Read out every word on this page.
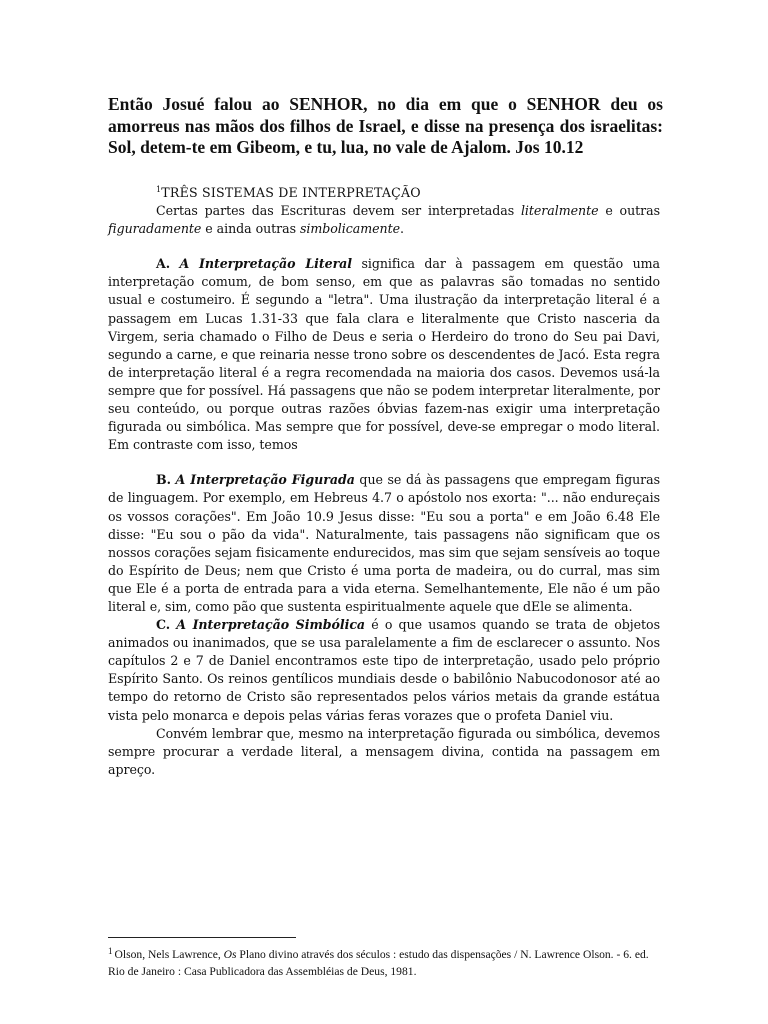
Então Josué falou ao SENHOR, no dia em que o SENHOR deu os amorreus nas mãos dos filhos de Israel, e disse na presença dos israelitas: Sol, detem-te em Gibeom, e tu, lua, no vale de Ajalom. Jos 10.12

$^1$TRÊS SISTEMAS DE INTERPRETAÇÃO

Certas partes das Escrituras devem ser interpretadas literalmente e outras figuradamente e ainda outras simbolicamente.

A. A Interpretação Literal significa dar à passagem em questão uma interpretação comum, de bom senso, em que as palavras são tomadas no sentido usual e costumeiro. É segundo a "letra". Uma ilustração da interpretação literal é a passagem em Lucas 1.31-33 que fala clara e literalmente que Cristo nasceria da Virgem, seria chamado o Filho de Deus e seria o Herdeiro do trono do Seu pai Davi, segundo a carne, e que reinaria nesse trono sobre os descendentes de Jacó. Esta regra de interpretação literal é a regra recomendada na maioria dos casos. Devemos usá-la sempre que for possível. Há passagens que não se podem interpretar literalmente, por seu conteúdo, ou porque outras razões óbvias fazem-nas exigir uma interpretação figurada ou simbólica. Mas sempre que for possível, deve-se empregar o modo literal. Em contraste com isso, temos

B. A Interpretação Figurada que se dá às passagens que empregam figuras de linguagem. Por exemplo, em Hebreus 4.7 o apóstolo nos exorta: "... não endureçais os vossos corações". Em João 10.9 Jesus disse: "Eu sou a porta" e em João 6.48 Ele disse: "Eu sou o pão da vida". Naturalmente, tais passagens não significam que os nossos corações sejam fisicamente endurecidos, mas sim que sejam sensíveis ao toque do Espírito de Deus; nem que Cristo é uma porta de madeira, ou do curral, mas sim que Ele é a porta de entrada para a vida eterna. Semelhantemente, Ele não é um pão literal e, sim, como pão que sustenta espiritualmente aquele que dEle se alimenta.

C. A Interpretação Simbólica é o que usamos quando se trata de objetos animados ou inanimados, que se usa paralelamente a fim de esclarecer o assunto. Nos capítulos 2 e 7 de Daniel encontramos este tipo de interpretação, usado pelo próprio Espírito Santo. Os reinos gentílicos mundiais desde o babilônio Nabucodonosor até ao tempo do retorno de Cristo são representados pelos vários metais da grande estátua vista pelo monarca e depois pelas várias feras vorazes que o profeta Daniel viu.

Convém lembrar que, mesmo na interpretação figurada ou simbólica, devemos sempre procurar a verdade literal, a mensagem divina, contida na passagem em apreço.

$^1$ Olson, Nels Lawrence, Os Plano divino através dos séculos : estudo das dispensações / N. Lawrence Olson. - 6. ed. Rio de Janeiro : Casa Publicadora das Assembléias de Deus, 1981.
